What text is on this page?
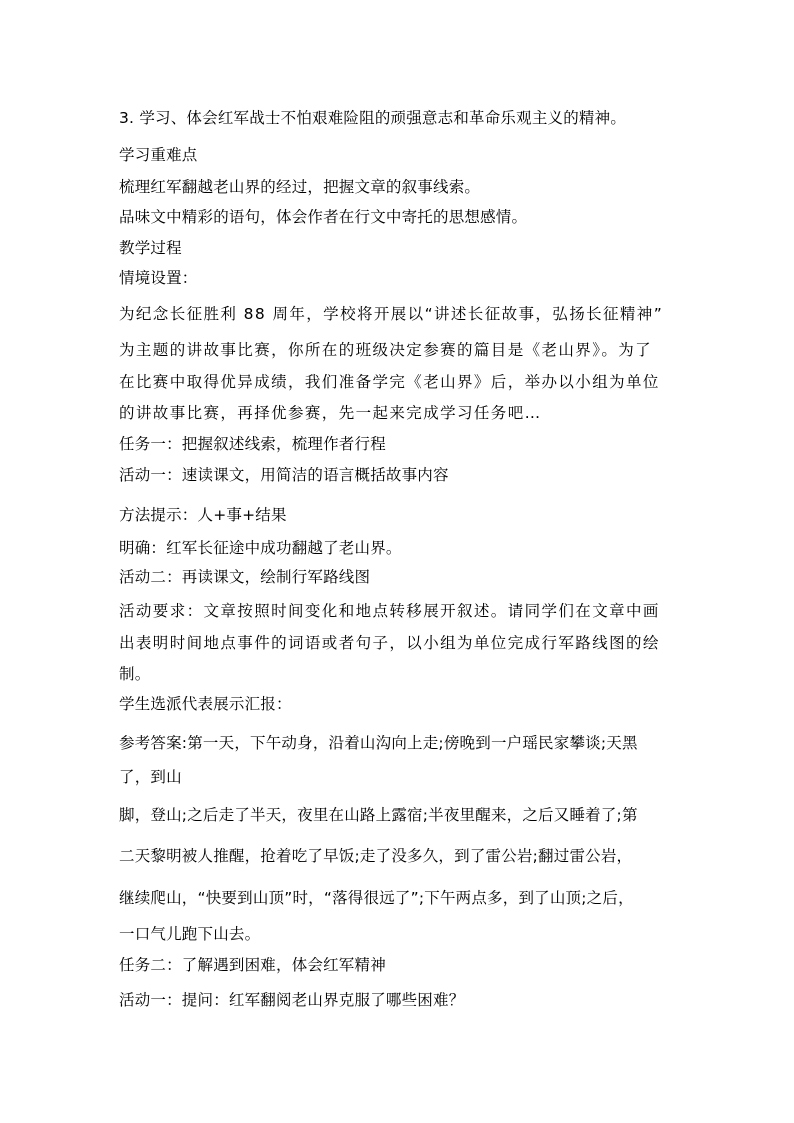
3. 学习、体会红军战士不怕艰难险阻的顽强意志和革命乐观主义的精神。
学习重难点
梳理红军翻越老山界的经过，把握文章的叙事线索。
品味文中精彩的语句，体会作者在行文中寄托的思想感情。
教学过程
情境设置：
为纪念长征胜利 88 周年，学校将开展以“讲述长征故事，弘扬长征精神”
为主题的讲故事比赛，你所在的班级决定参赛的篇目是《老山界》。为了
在比赛中取得优异成绩，我们准备学完《老山界》后，举办以小组为单位
的讲故事比赛，再择优参赛，先一起来完成学习任务吧…
任务一：把握叙述线索，梳理作者行程
活动一：速读课文，用简洁的语言概括故事内容
方法提示：人+事+结果
明确：红军长征途中成功翻越了老山界。
活动二：再读课文，绘制行军路线图
活动要求：文章按照时间变化和地点转移展开叙述。请同学们在文章中画
出表明时间地点事件的词语或者句子，以小组为单位完成行军路线图的绘
制。
学生选派代表展示汇报：
参考答案:第一天，下午动身，沿着山沟向上走;傍晚到一户瑶民家攀谈;天黑
了，到山
脚，登山;之后走了半天，夜里在山路上露宿;半夜里醒来，之后又睡着了;第
二天黎明被人推醒，抢着吃了早饭;走了没多久，到了雷公岩;翻过雷公岩，
继续爬山，“快要到山顶”时，“落得很远了”;下午两点多，到了山顶;之后，
一口气儿跑下山去。
任务二：了解遇到困难，体会红军精神
活动一：提问：红军翻阅老山界克服了哪些困难？
